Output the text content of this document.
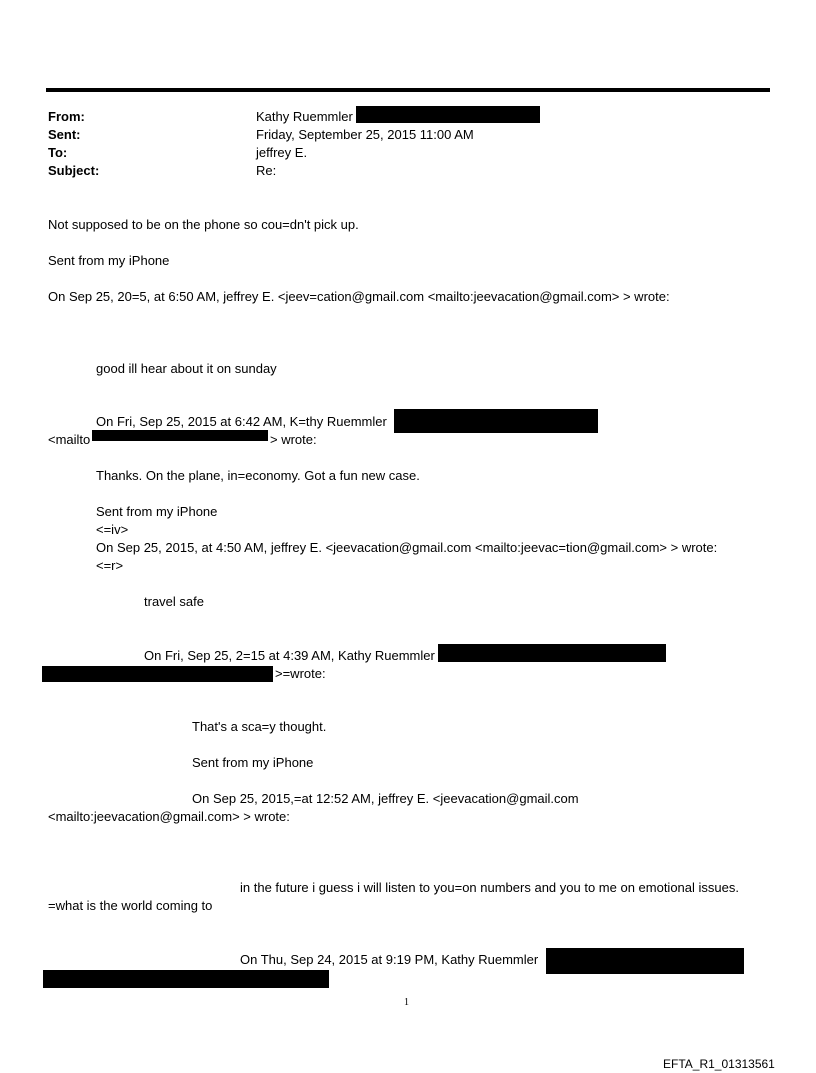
From:
Sent:
To:
Subject:
Kathy Ruemmler
Friday, September 25, 2015 11:00 AM
jeffrey E.
Re:
Not supposed to be on the phone so cou=dn't pick up.
Sent from my iPhone
On Sep 25, 20=5, at 6:50 AM, jeffrey E. <jeev=cation@gmail.com <mailto:jeevacation@gmail.com> > wrote:
good ill hear about it on sunday
On Fri, Sep 25, 2015 at 6:42 AM, K=thy Ruemmler
<mailto	> wrote:
Thanks. On the plane, in=economy. Got a fun new case.
Sent from my iPhone
<=iv>
On Sep 25, 2015, at 4:50 AM, jeffrey E. <jeevacation@gmail.com <mailto:jeevac=tion@gmail.com> > wrote:
<=r>
travel safe
On Fri, Sep 25, 2=15 at 4:39 AM, Kathy Ruemmler
>=wrote:
That's a sca=y thought.
Sent from my iPhone
On Sep 25, 2015,=at 12:52 AM, jeffrey E. <jeevacation@gmail.com
<mailto:jeevacation@gmail.com> > wrote:
in the future i guess i will listen to you=on numbers and you to me on emotional issues.
=what is the world coming to
On Thu, Sep 24, 2015 at 9:19 PM, Kathy Ruemmler
1
EFTA_R1_01313561
